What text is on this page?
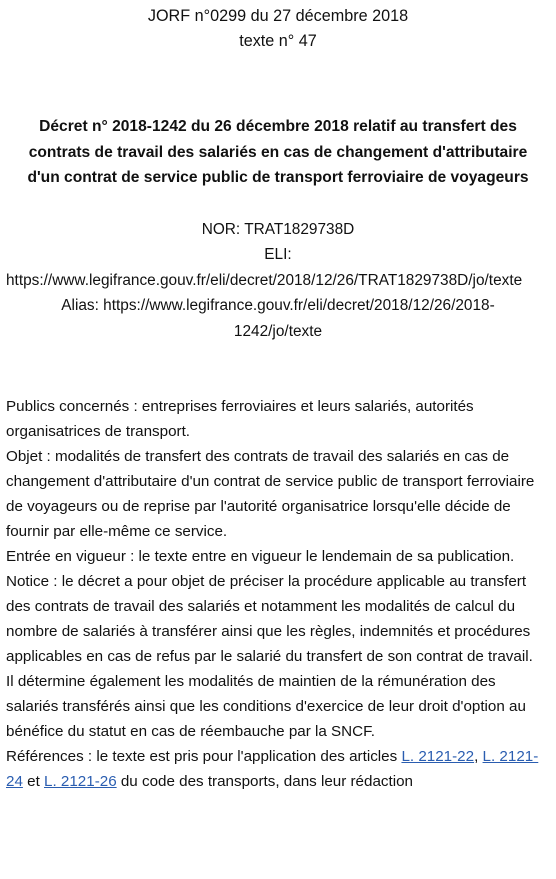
JORF n°0299 du 27 décembre 2018
texte n° 47
Décret n° 2018-1242 du 26 décembre 2018 relatif au transfert des contrats de travail des salariés en cas de changement d'attributaire d'un contrat de service public de transport ferroviaire de voyageurs
NOR: TRAT1829738D
ELI:
https://www.legifrance.gouv.fr/eli/decret/2018/12/26/TRAT1829738D/jo/texte
Alias: https://www.legifrance.gouv.fr/eli/decret/2018/12/26/2018-
1242/jo/texte

Publics concernés : entreprises ferroviaires et leurs salariés, autorités organisatrices de transport.

Objet : modalités de transfert des contrats de travail des salariés en cas de changement d'attributaire d'un contrat de service public de transport ferroviaire de voyageurs ou de reprise par l'autorité organisatrice lorsqu'elle décide de fournir par elle-même ce service.

Entrée en vigueur : le texte entre en vigueur le lendemain de sa publication.

Notice : le décret a pour objet de préciser la procédure applicable au transfert des contrats de travail des salariés et notamment les modalités de calcul du nombre de salariés à transférer ainsi que les règles, indemnités et procédures applicables en cas de refus par le salarié du transfert de son contrat de travail.

Il détermine également les modalités de maintien de la rémunération des salariés transférés ainsi que les conditions d'exercice de leur droit d'option au bénéfice du statut en cas de réembauche par la SNCF.

Références : le texte est pris pour l'application des articles L. 2121-22, L. 2121-24 et L. 2121-26 du code des transports, dans leur rédaction
